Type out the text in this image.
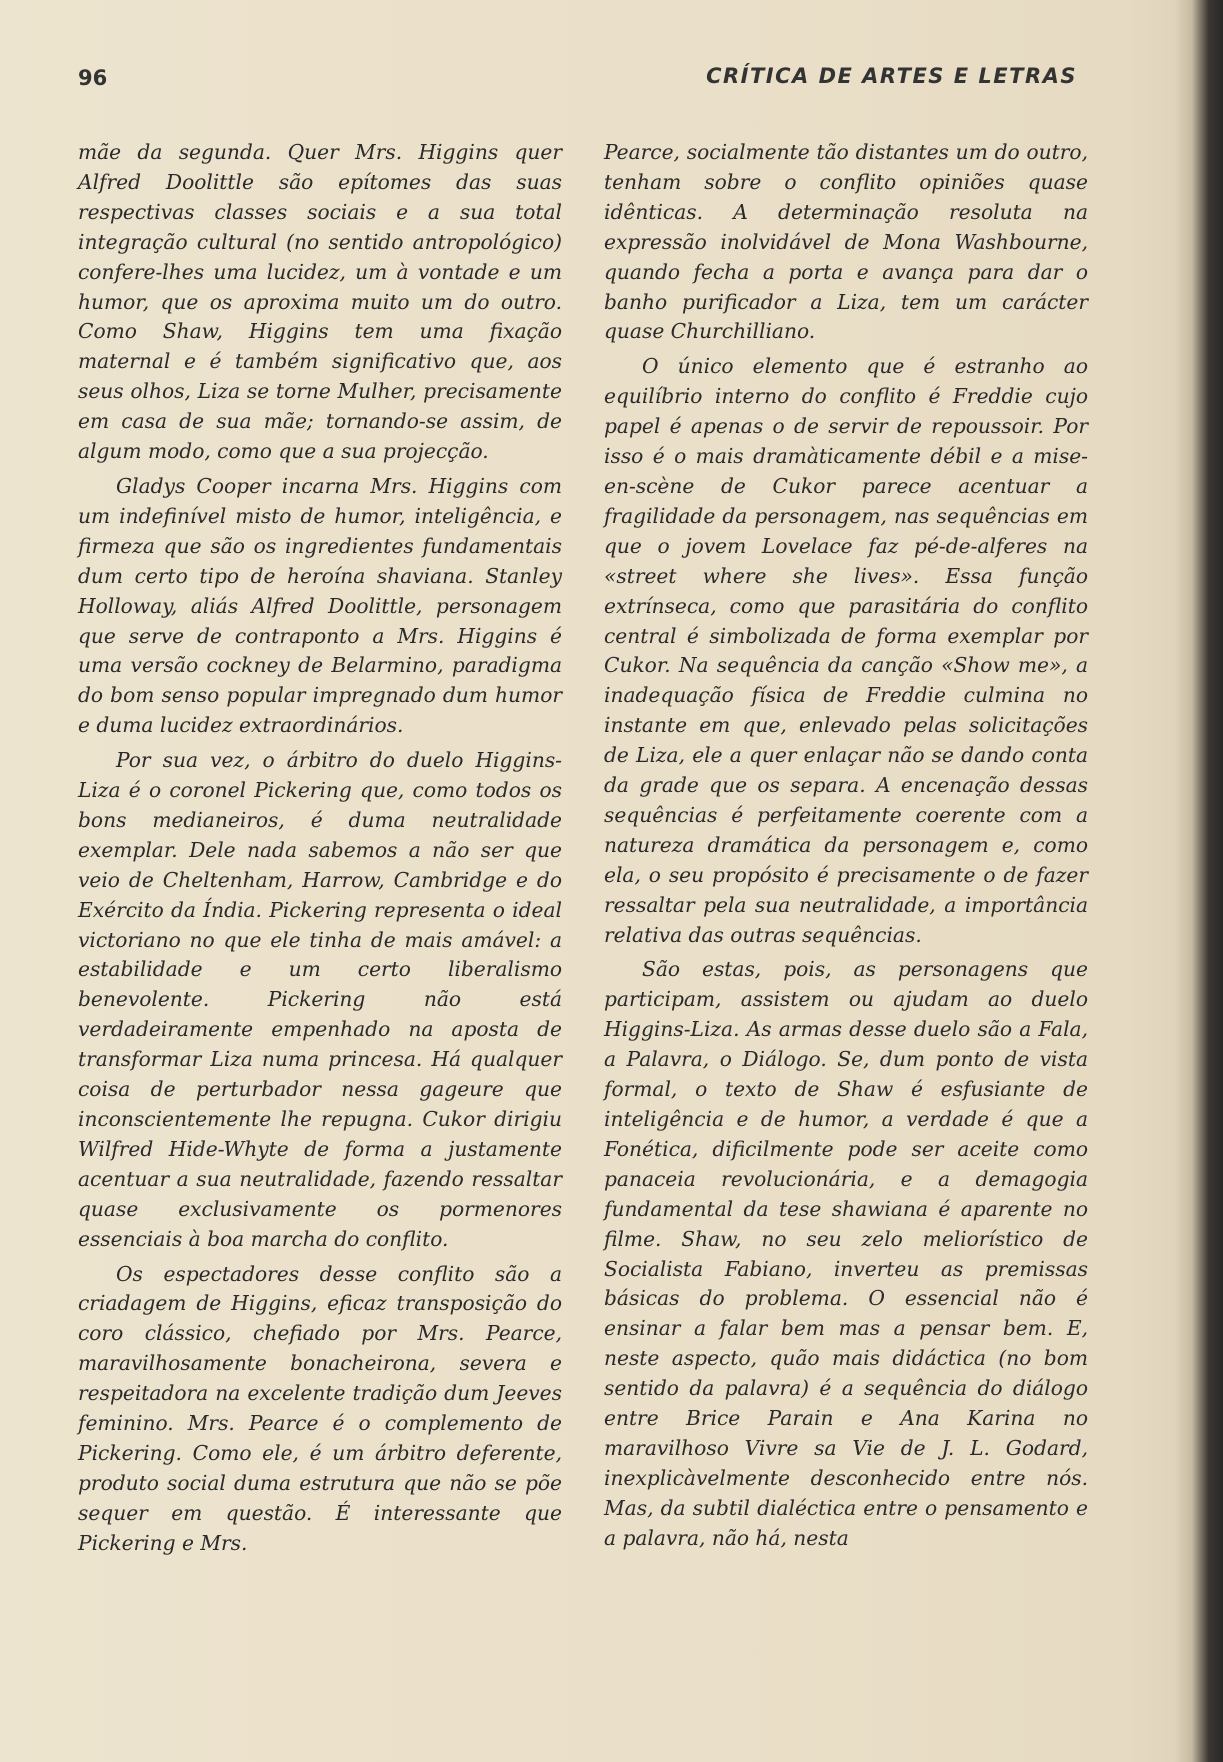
96	CRÍTICA DE ARTES E LETRAS

mãe da segunda. Quer Mrs. Higgins quer Alfred Doolittle são epítomes das suas respectivas classes sociais e a sua total integração cultural (no sentido antropológico) confere-lhes uma lucidez, um à vontade e um humor, que os aproxima muito um do outro. Como Shaw, Higgins tem uma fixação maternal e é também significativo que, aos seus olhos, Liza se torne Mulher, precisamente em casa de sua mãe; tornando-se assim, de algum modo, como que a sua projecção.

Gladys Cooper incarna Mrs. Higgins com um indefinível misto de humor, inteligência, e firmeza que são os ingredientes fundamentais dum certo tipo de heroína shaviana. Stanley Holloway, aliás Alfred Doolittle, personagem que serve de contraponto a Mrs. Higgins é uma versão cockney de Belarmino, paradigma do bom senso popular impregnado dum humor e duma lucidez extraordinários.

Por sua vez, o árbitro do duelo Higgins-Liza é o coronel Pickering que, como todos os bons medianeiros, é duma neutralidade exemplar. Dele nada sabemos a não ser que veio de Cheltenham, Harrow, Cambridge e do Exército da Índia. Pickering representa o ideal victoriano no que ele tinha de mais amável: a estabilidade e um certo liberalismo benevolente. Pickering não está verdadeiramente empenhado na aposta de transformar Liza numa princesa. Há qualquer coisa de perturbador nessa gageure que inconscientemente lhe repugna. Cukor dirigiu Wilfred Hide-Whyte de forma a justamente acentuar a sua neutralidade, fazendo ressaltar quase exclusivamente os pormenores essenciais à boa marcha do conflito.

Os espectadores desse conflito são a criadagem de Higgins, eficaz transposição do coro clássico, chefiado por Mrs. Pearce, maravilhosamente bonacheirona, severa e respeitadora na excelente tradição dum Jeeves feminino. Mrs. Pearce é o complemento de Pickering. Como ele, é um árbitro deferente, produto social duma estrutura que não se põe sequer em questão. É interessante que Pickering e Mrs.

Pearce, socialmente tão distantes um do outro, tenham sobre o conflito opiniões quase idênticas. A determinação resoluta na expressão inolvidável de Mona Washbourne, quando fecha a porta e avança para dar o banho purificador a Liza, tem um carácter quase Churchilliano.

O único elemento que é estranho ao equilíbrio interno do conflito é Freddie cujo papel é apenas o de servir de repoussoir. Por isso é o mais dramàticamente débil e a mise-en-scène de Cukor parece acentuar a fragilidade da personagem, nas sequências em que o jovem Lovelace faz pé-de-alferes na «street where she lives». Essa função extrínseca, como que parasitária do conflito central é simbolizada de forma exemplar por Cukor. Na sequência da canção «Show me», a inadequação física de Freddie culmina no instante em que, enlevado pelas solicitações de Liza, ele a quer enlaçar não se dando conta da grade que os separa. A encenação dessas sequências é perfeitamente coerente com a natureza dramática da personagem e, como ela, o seu propósito é precisamente o de fazer ressaltar pela sua neutralidade, a importância relativa das outras sequências.

São estas, pois, as personagens que participam, assistem ou ajudam ao duelo Higgins-Liza. As armas desse duelo são a Fala, a Palavra, o Diálogo. Se, dum ponto de vista formal, o texto de Shaw é esfusiante de inteligência e de humor, a verdade é que a Fonética, dificilmente pode ser aceite como panaceia revolucionária, e a demagogia fundamental da tese shawiana é aparente no filme. Shaw, no seu zelo meliorístico de Socialista Fabiano, inverteu as premissas básicas do problema. O essencial não é ensinar a falar bem mas a pensar bem. E, neste aspecto, quão mais didáctica (no bom sentido da palavra) é a sequência do diálogo entre Brice Parain e Ana Karina no maravilhoso Vivre sa Vie de J. L. Godard, inexplicàvelmente desconhecido entre nós. Mas, da subtil dialéctica entre o pensamento e a palavra, não há, nesta
